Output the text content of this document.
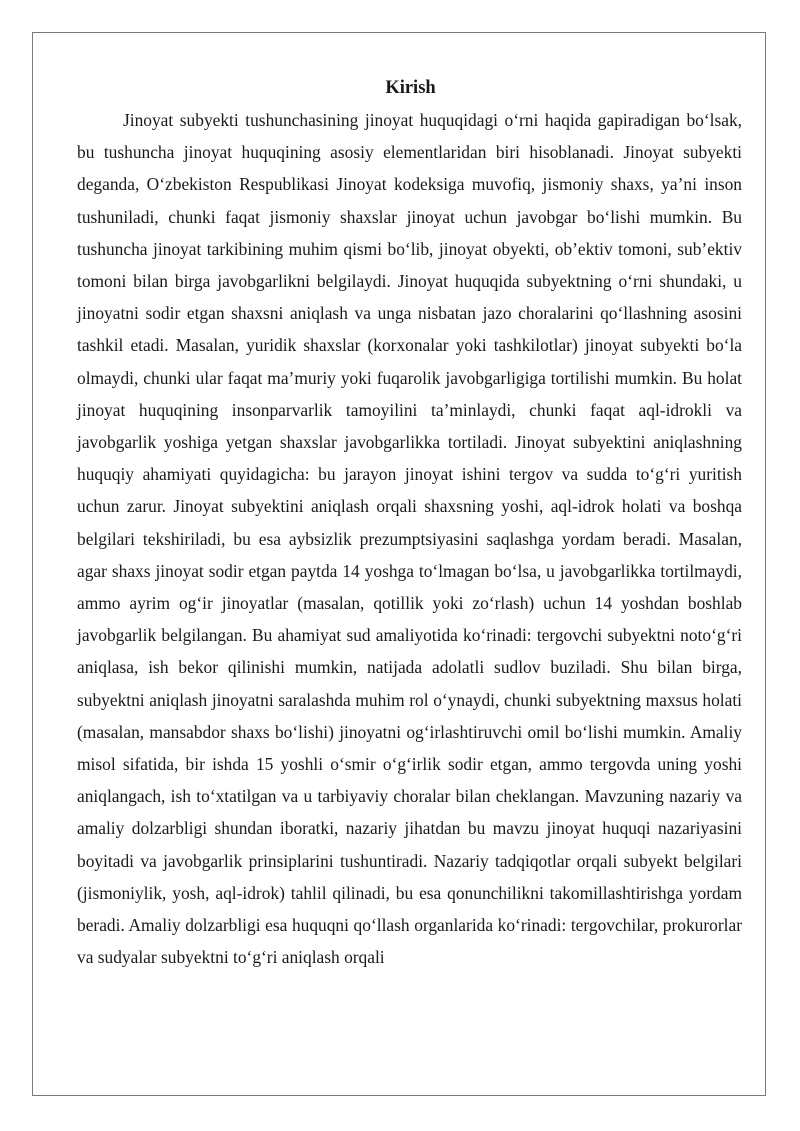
Kirish

Jinoyat subyekti tushunchasining jinoyat huquqidagi o‘rni haqida gapiradigan bo‘lsak, bu tushuncha jinoyat huquqining asosiy elementlaridan biri hisoblanadi. Jinoyat subyekti deganda, O‘zbekiston Respublikasi Jinoyat kodeksiga muvofiq, jismoniy shaxs, ya’ni inson tushuniladi, chunki faqat jismoniy shaxslar jinoyat uchun javobgar bo‘lishi mumkin. Bu tushuncha jinoyat tarkibining muhim qismi bo‘lib, jinoyat obyekti, ob’ektiv tomoni, sub’ektiv tomoni bilan birga javobgarlikni belgilaydi. Jinoyat huquqida subyektning o‘rni shundaki, u jinoyatni sodir etgan shaxsni aniqlash va unga nisbatan jazo choralarini qo‘llashning asosini tashkil etadi. Masalan, yuridik shaxslar (korxonalar yoki tashkilotlar) jinoyat subyekti bo‘la olmaydi, chunki ular faqat ma’muriy yoki fuqarolik javobgarligiga tortilishi mumkin. Bu holat jinoyat huquqining insonparvarlik tamoyilini ta’minlaydi, chunki faqat aql-idrokli va javobgarlik yoshiga yetgan shaxslar javobgarlikka tortiladi. Jinoyat subyektini aniqlashning huquqiy ahamiyati quyidagicha: bu jarayon jinoyat ishini tergov va sudda to‘g‘ri yuritish uchun zarur. Jinoyat subyektini aniqlash orqali shaxsning yoshi, aql-idrok holati va boshqa belgilari tekshiriladi, bu esa aybsizlik prezumptsiyasini saqlashga yordam beradi. Masalan, agar shaxs jinoyat sodir etgan paytda 14 yoshga to‘lmagan bo‘lsa, u javobgarlikka tortilmaydi, ammo ayrim og‘ir jinoyatlar (masalan, qotillik yoki zo‘rlash) uchun 14 yoshdan boshlab javobgarlik belgilangan. Bu ahamiyat sud amaliyotida ko‘rinadi: tergovchi subyektni noto‘g‘ri aniqlasa, ish bekor qilinishi mumkin, natijada adolatli sudlov buziladi. Shu bilan birga, subyektni aniqlash jinoyatni saralashda muhim rol o‘ynaydi, chunki subyektning maxsus holati (masalan, mansabdor shaxs bo‘lishi) jinoyatni og‘irlashtiruvchi omil bo‘lishi mumkin. Amaliy misol sifatida, bir ishda 15 yoshli o‘smir o‘g‘irlik sodir etgan, ammo tergovda uning yoshi aniqlangach, ish to‘xtatilgan va u tarbiyaviy choralar bilan cheklangan. Mavzuning nazariy va amaliy dolzarbligi shundan iboratki, nazariy jihatdan bu mavzu jinoyat huquqi nazariyasini boyitadi va javobgarlik prinsiplarini tushuntiradi. Nazariy tadqiqotlar orqali subyekt belgilari (jismoniylik, yosh, aql-idrok) tahlil qilinadi, bu esa qonunchilikni takomillashtirishga yordam beradi. Amaliy dolzarbligi esa huquqni qo‘llash organlarida ko‘rinadi: tergovchilar, prokurorlar va sudyalar subyektni to‘g‘ri aniqlash orqali
